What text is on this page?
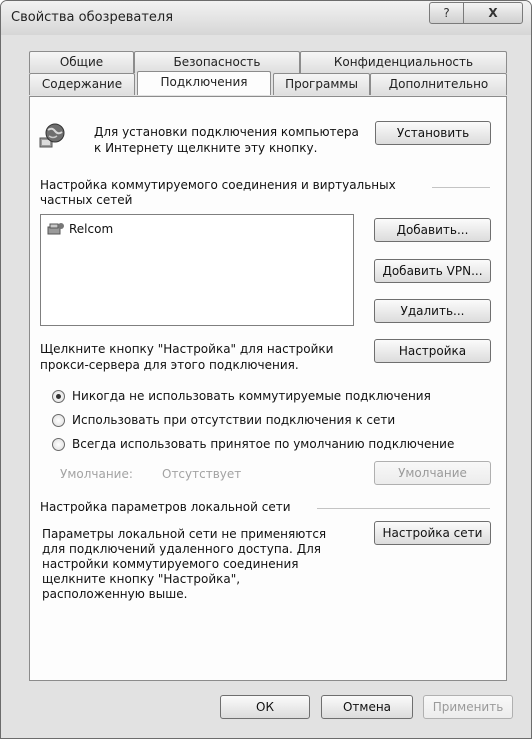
Свойства обозревателя	?	X
Общие	Безопасность	Конфиденциальность
Содержание	Подключения	Программы	Дополнительно
Для установки подключения компьютера
к Интернету щелкните эту кнопку.
Установить
Настройка коммутируемого соединения и виртуальных
частных сетей
Relcom	Добавить...
Добавить VPN...
Удалить...
Щелкните кнопку "Настройка" для настройки
прокси-сервера для этого подключения.
Настройка
Никогда не использовать коммутируемые подключения
Использовать при отсутствии подключения к сети
Всегда использовать принятое по умолчанию подключение
Умолчание: Отсутствует	Умолчание
Настройка параметров локальной сети
Параметры локальной сети не применяются
для подключений удаленного доступа. Для
настройки коммутируемого соединения
щелкните кнопку "Настройка",
расположенную выше.
Настройка сети
ОК	Отмена	Применить
